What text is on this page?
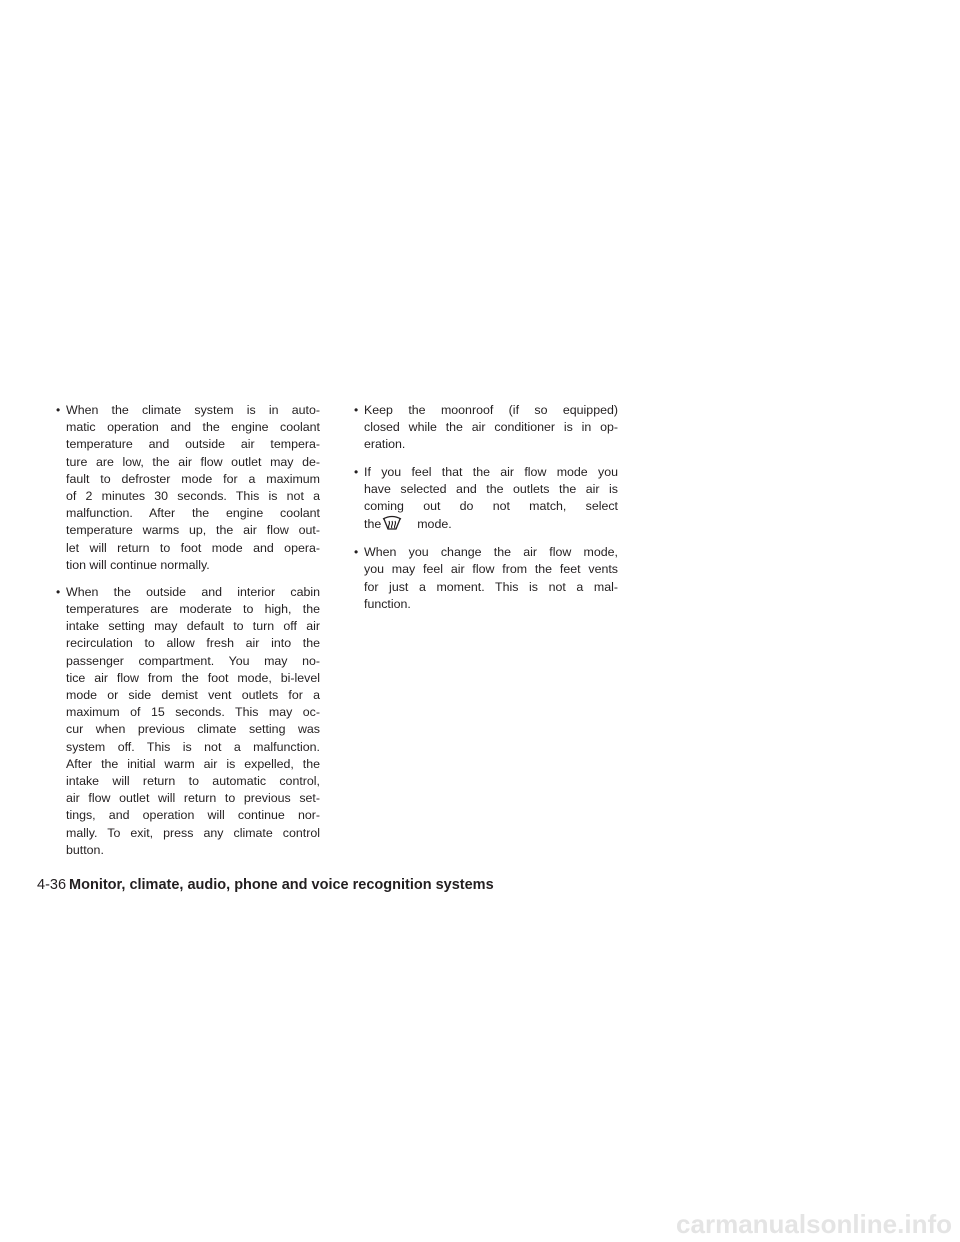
• When the climate system is in auto-
matic operation and the engine coolant
temperature and outside air tempera-
ture are low, the air flow outlet may de-
fault to defroster mode for a maximum
of 2 minutes 30 seconds. This is not a
malfunction. After the engine coolant
temperature warms up, the air flow out-
let will return to foot mode and opera-
tion will continue normally.
• When the outside and interior cabin
temperatures are moderate to high, the
intake setting may default to turn off air
recirculation to allow fresh air into the
passenger compartment. You may no-
tice air flow from the foot mode, bi-level
mode or side demist vent outlets for a
maximum of 15 seconds. This may oc-
cur when previous climate setting was
system off. This is not a malfunction.
After the initial warm air is expelled, the
intake will return to automatic control,
air flow outlet will return to previous set-
tings, and operation will continue nor-
mally. To exit, press any climate control
button.
• Keep the moonroof (if so equipped)
closed while the air conditioner is in op-
eration.
• If you feel that the air flow mode you
have selected and the outlets the air is
coming out do not match, select
the	mode.
• When you change the air flow mode,
you may feel air flow from the feet vents
for just a moment. This is not a mal-
function.
4-36 Monitor, climate, audio, phone and voice recognition systems
carmanualsonline.info
